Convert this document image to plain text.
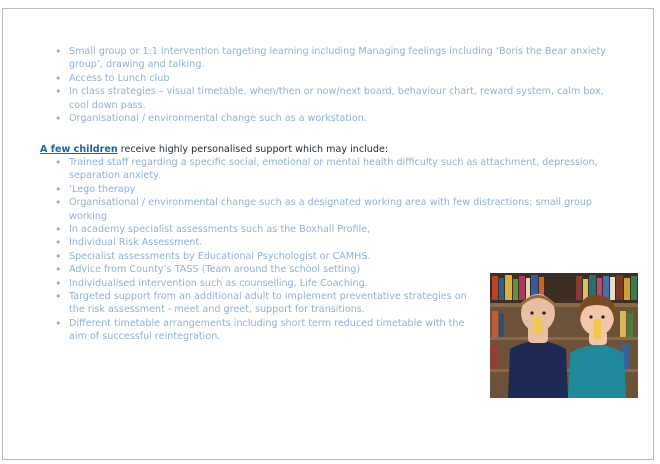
• Small group or 1:1 intervention targeting learning including Managing feelings including ‘Boris the Bear anxiety group’, drawing and talking.
• Access to Lunch club
• In class strategies – visual timetable, when/then or now/next board, behaviour chart, reward system, calm box, cool down pass.
• Organisational / environmental change such as a workstation.
A few children receive highly personalised support which may include:
• Trained staff regarding a specific social, emotional or mental health difficulty such as attachment, depression, separation anxiety.
• ‘Lego therapy
• Organisational / environmental change such as a designated working area with few distractions; small group working
• In academy specialist assessments such as the Boxhall Profile,
• Individual Risk Assessment.
• Specialist assessments by Educational Psychologist or CAMHS.
• Advice from County’s TASS (Team around the school setting)
• Individualised intervention such as counselling, Life Coaching.
• Targeted support from an additional adult to implement preventative strategies on the risk assessment - meet and greet, support for transitions.
• Different timetable arrangements including short term reduced timetable with the aim of successful reintegration.
